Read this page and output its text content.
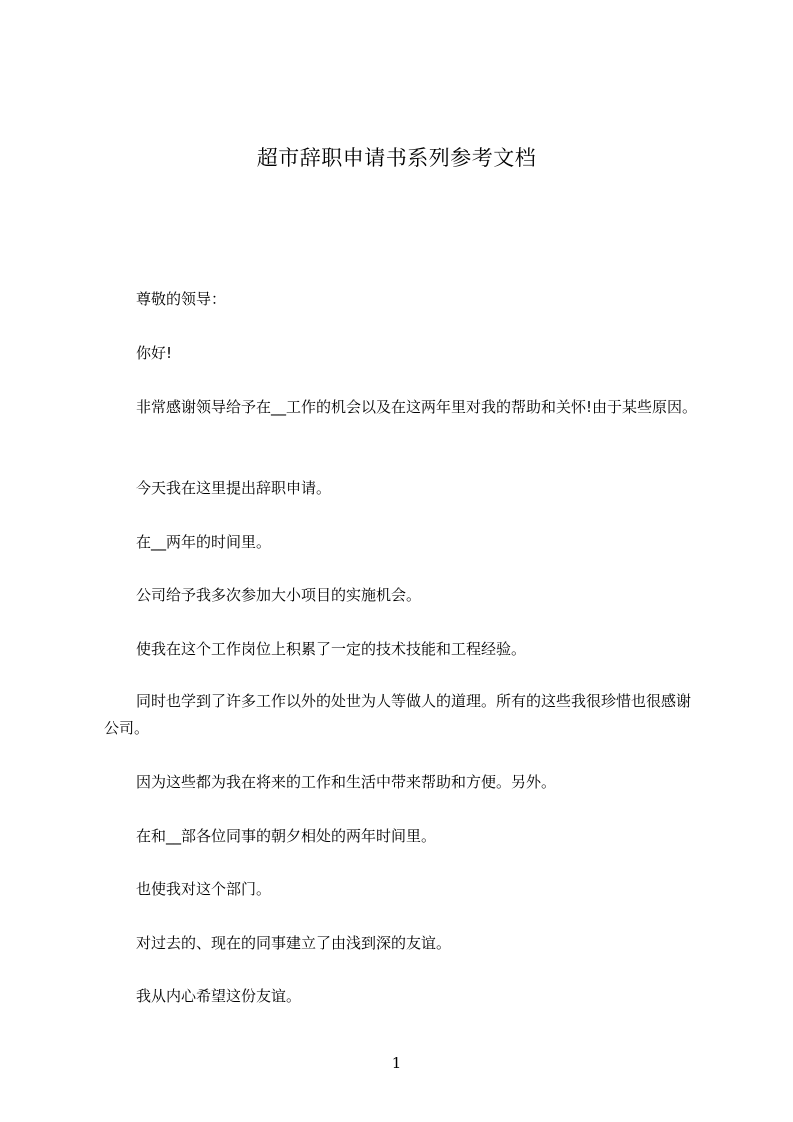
超市辞职申请书系列参考文档

尊敬的领导：

你好!

非常感谢领导给予在__工作的机会以及在这两年里对我的帮助和关怀!由于某些原因。

今天我在这里提出辞职申请。

在__两年的时间里。

公司给予我多次参加大小项目的实施机会。

使我在这个工作岗位上积累了一定的技术技能和工程经验。

同时也学到了许多工作以外的处世为人等做人的道理。所有的这些我很珍惜也很感谢公司。

因为这些都为我在将来的工作和生活中带来帮助和方便。另外。

在和__部各位同事的朝夕相处的两年时间里。

也使我对这个部门。

对过去的、现在的同事建立了由浅到深的友谊。

我从内心希望这份友谊。

1
